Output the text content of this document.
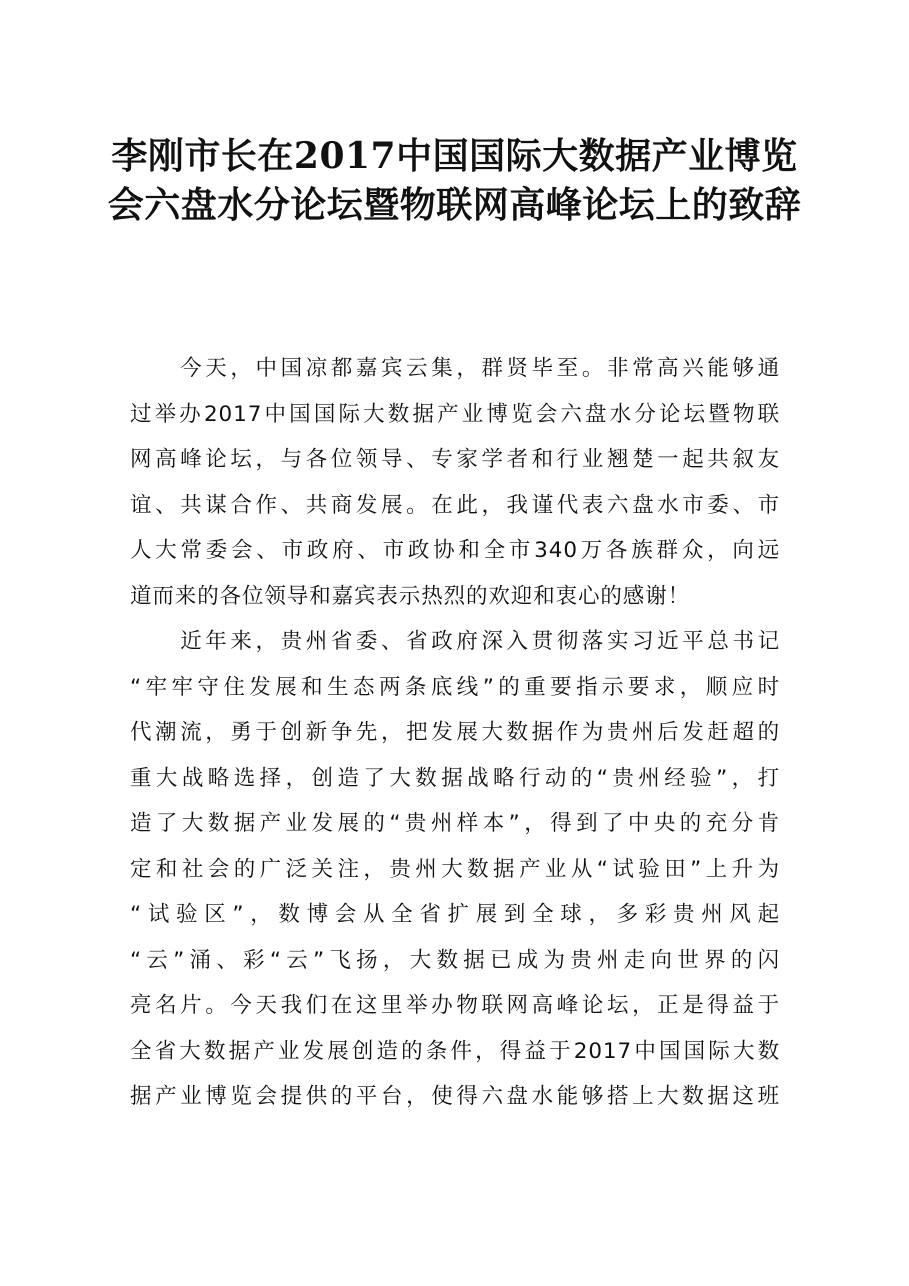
李刚市长在2017中国国际大数据产业博览
会六盘水分论坛暨物联网高峰论坛上的致辞

　　今天，中国凉都嘉宾云集，群贤毕至。非常高兴能够通
过举办2017中国国际大数据产业博览会六盘水分论坛暨物联
网高峰论坛，与各位领导、专家学者和行业翘楚一起共叙友
谊、共谋合作、共商发展。在此，我谨代表六盘水市委、市
人大常委会、市政府、市政协和全市340万各族群众，向远
道而来的各位领导和嘉宾表示热烈的欢迎和衷心的感谢！

　　近年来，贵州省委、省政府深入贯彻落实习近平总书记
“牢牢守住发展和生态两条底线”的重要指示要求，顺应时
代潮流，勇于创新争先，把发展大数据作为贵州后发赶超的
重大战略选择，创造了大数据战略行动的“贵州经验”，打
造了大数据产业发展的“贵州样本”，得到了中央的充分肯
定和社会的广泛关注，贵州大数据产业从“试验田”上升为
“试验区”，数博会从全省扩展到全球，多彩贵州风起
“云”涌、彩“云”飞扬，大数据已成为贵州走向世界的闪
亮名片。今天我们在这里举办物联网高峰论坛，正是得益于
全省大数据产业发展创造的条件，得益于2017中国国际大数
据产业博览会提供的平台，使得六盘水能够搭上大数据这班
